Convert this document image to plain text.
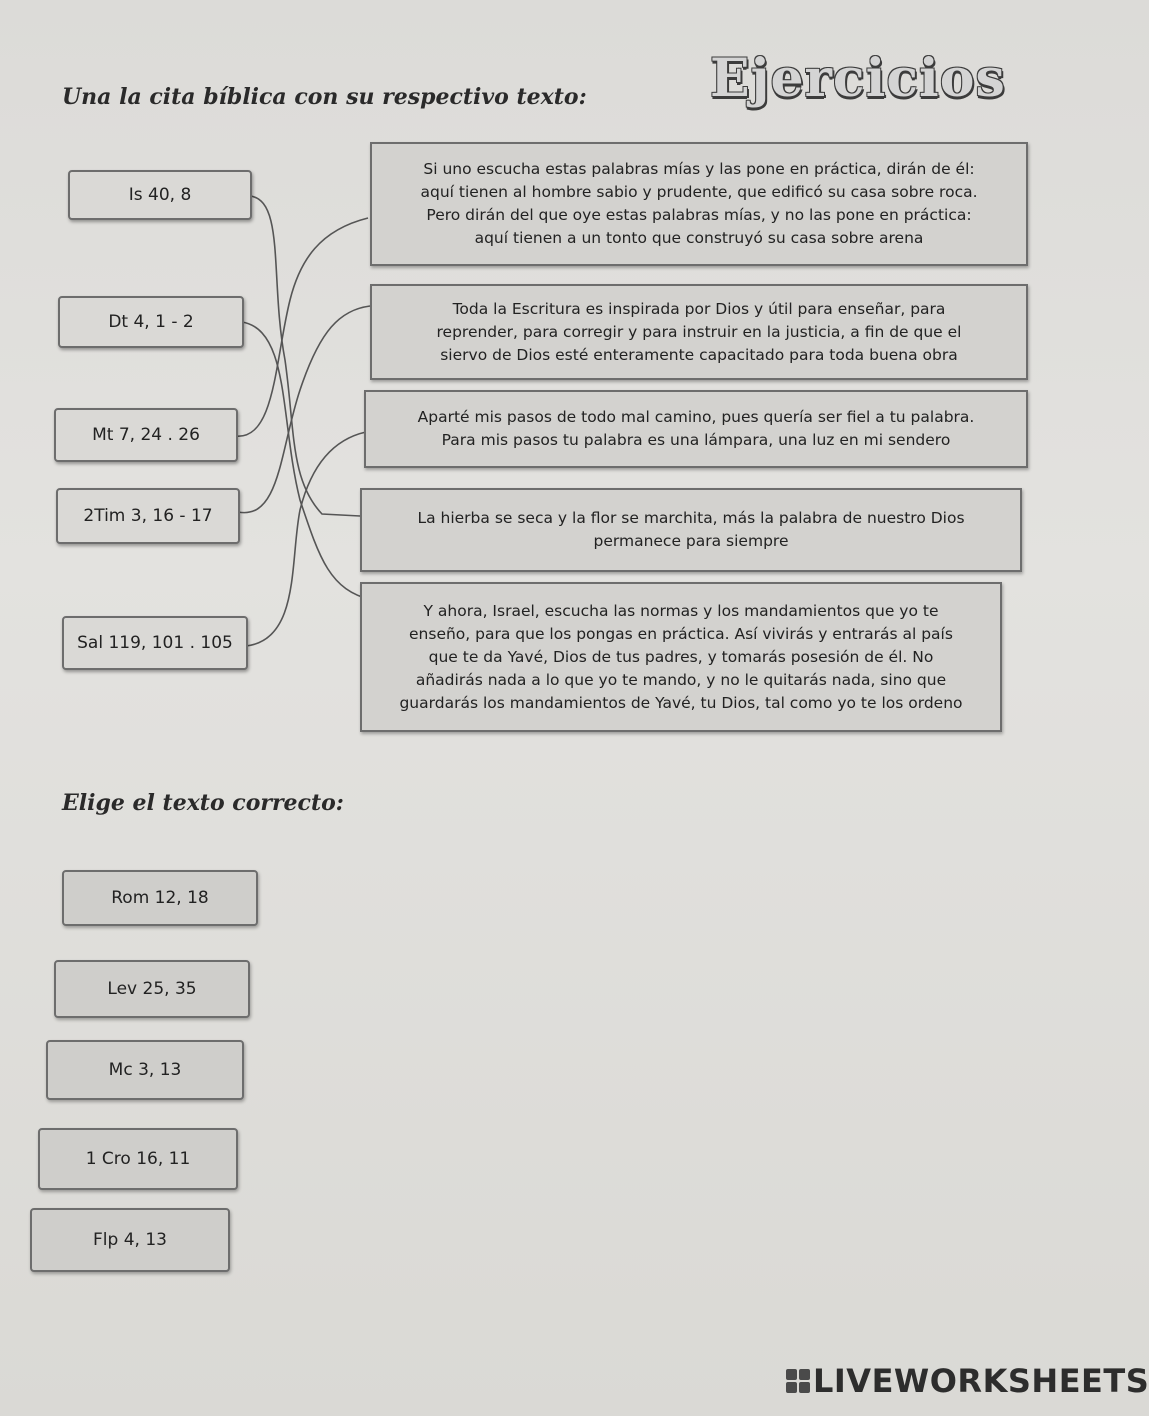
Una la cita bíblica con su respectivo texto: Ejercicios
Is 40, 8
Dt 4, 1 - 2
Mt 7, 24 . 26
2Tim 3, 16 - 17
Sal 119, 101 . 105
Si uno escucha estas palabras mías y las pone en práctica, dirán de él:
aquí tienen al hombre sabio y prudente, que edificó su casa sobre roca.
Pero dirán del que oye estas palabras mías, y no las pone en práctica:
aquí tienen a un tonto que construyó su casa sobre arena
Toda la Escritura es inspirada por Dios y útil para enseñar, para
reprender, para corregir y para instruir en la justicia, a fin de que el
siervo de Dios esté enteramente capacitado para toda buena obra
Aparté mis pasos de todo mal camino, pues quería ser fiel a tu palabra.
Para mis pasos tu palabra es una lámpara, una luz en mi sendero
La hierba se seca y la flor se marchita, más la palabra de nuestro Dios
permanece para siempre
Y ahora, Israel, escucha las normas y los mandamientos que yo te
enseño, para que los pongas en práctica. Así vivirás y entrarás al país
que te da Yavé, Dios de tus padres, y tomarás posesión de él. No
añadirás nada a lo que yo te mando, y no le quitarás nada, sino que
guardarás los mandamientos de Yavé, tu Dios, tal como yo te los ordeno
Elige el texto correcto:
Rom 12, 18
Lev 25, 35
Mc 3, 13
1 Cro 16, 11
Flp 4, 13
LIVEWORKSHEETS
